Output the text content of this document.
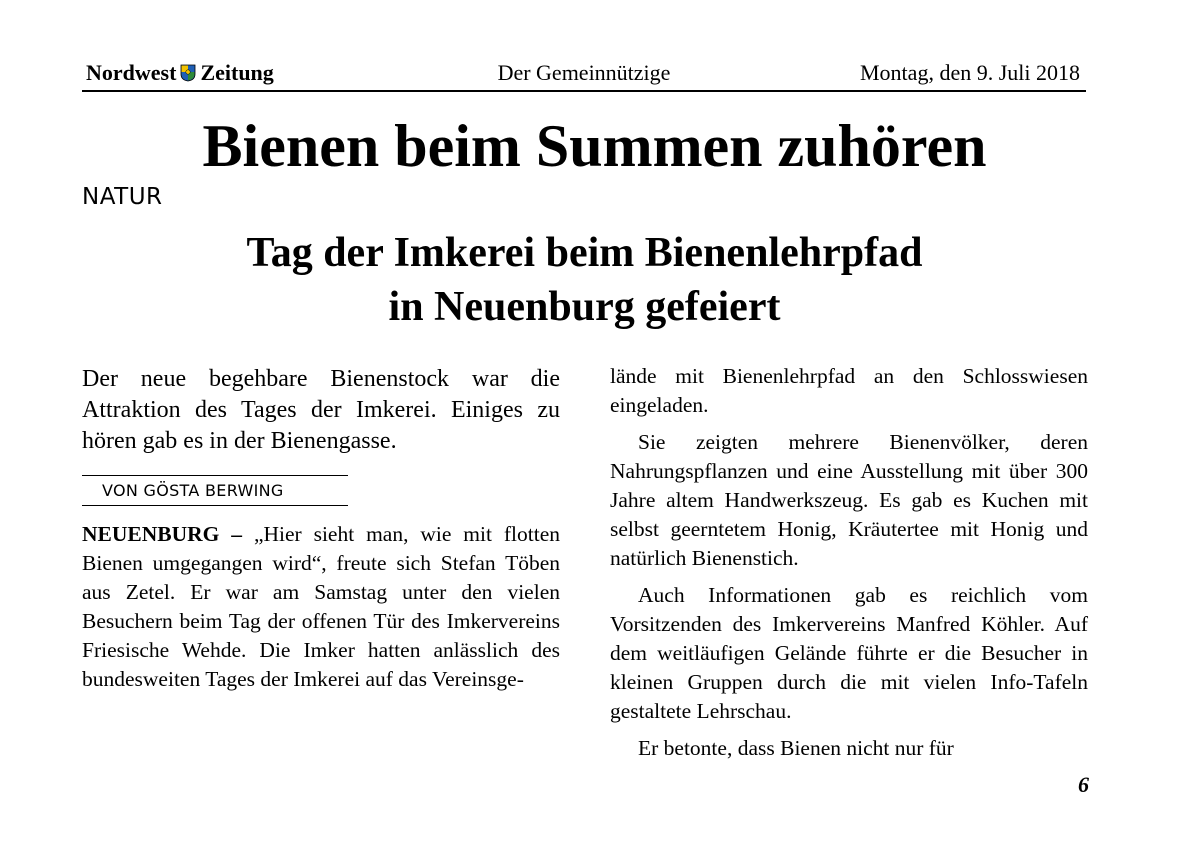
Nordwest Zeitung	Der Gemeinnützige	Montag, den 9. Juli 2018
Bienen beim Summen zuhören
NATUR
Tag der Imkerei beim Bienenlehrpfad
in Neuenburg gefeiert

Der neue begehbare Bienenstock war die Attraktion des Tages der Imkerei. Einiges zu hören gab es in der Bienengasse.

VON GÖSTA BERWING

NEUENBURG – „Hier sieht man, wie mit flotten Bienen umgegangen wird“, freute sich Stefan Töben aus Zetel. Er war am Samstag unter den vielen Besuchern beim Tag der offenen Tür des Imkervereins Friesische Wehde. Die Imker hatten anlässlich des bundesweiten Tages der Imkerei auf das Vereinsge-

lände mit Bienenlehrpfad an den Schlosswiesen eingeladen.

Sie zeigten mehrere Bienenvölker, deren Nahrungspflanzen und eine Ausstellung mit über 300 Jahre altem Handwerkszeug. Es gab es Kuchen mit selbst geerntetem Honig, Kräutertee mit Honig und natürlich Bienenstich.

Auch Informationen gab es reichlich vom Vorsitzenden des Imkervereins Manfred Köhler. Auf dem weitläufigen Gelände führte er die Besucher in kleinen Gruppen durch die mit vielen Info-Tafeln gestaltete Lehrschau.

Er betonte, dass Bienen nicht nur für

6
